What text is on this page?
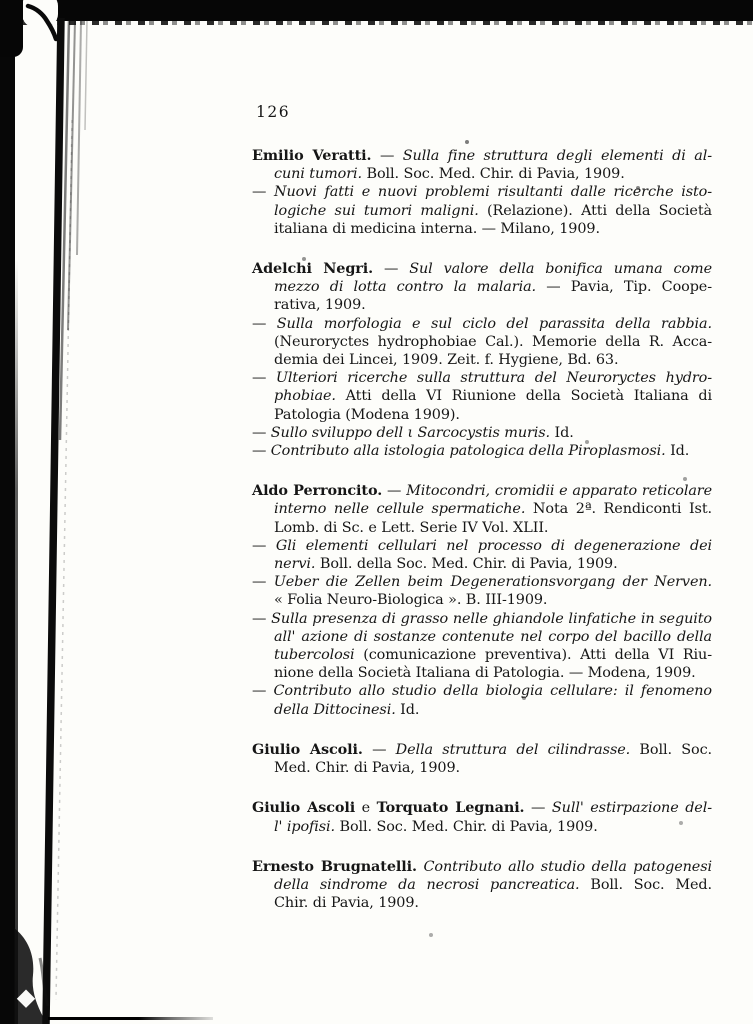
126
Emilio Veratti. — Sulla fine struttura degli elementi di al-
cuni tumori. Boll. Soc. Med. Chir. di Pavia, 1909.
— Nuovi fatti e nuovi problemi risultanti dalle ricerche isto-
logiche sui tumori maligni. (Relazione). Atti della Società
italiana di medicina interna. — Milano, 1909.
Adelchi Negri. — Sul valore della bonifica umana come
mezzo di lotta contro la malaria. — Pavia, Tip. Coope-
rativa, 1909.
— Sulla morfologia e sul ciclo del parassita della rabbia.
(Neuroryctes hydrophobiae Cal.). Memorie della R. Acca-
demia dei Lincei, 1909. Zeit. f. Hygiene, Bd. 63.
— Ulteriori ricerche sulla struttura del Neuroryctes hydro-
phobiae. Atti della VI Riunione della Società Italiana di
Patologia (Modena 1909).
— Sullo sviluppo dell ι Sarcocystis muris. Id.
— Contributo alla istologia patologica della Piroplasmosi. Id.
Aldo Perroncito. — Mitocondri, cromidii e apparato reticolare
interno nelle cellule spermatiche. Nota 2ª. Rendiconti Ist.
Lomb. di Sc. e Lett. Serie IV Vol. XLII.
— Gli elementi cellulari nel processo di degenerazione dei
nervi. Boll. della Soc. Med. Chir. di Pavia, 1909.
— Ueber die Zellen beim Degenerationsvorgang der Nerven.
« Folia Neuro-Biologica ». B. III-1909.
— Sulla presenza di grasso nelle ghiandole linfatiche in seguito
all' azione di sostanze contenute nel corpo del bacillo della
tubercolosi (comunicazione preventiva). Atti della VI Riu-
nione della Società Italiana di Patologia. — Modena, 1909.
— Contributo allo studio della biologia cellulare: il fenomeno
della Dittocinesi. Id.
Giulio Ascoli. — Della struttura del cilindrasse. Boll. Soc.
Med. Chir. di Pavia, 1909.
Giulio Ascoli e Torquato Legnani. — Sull' estirpazione del-
l' ipofisi. Boll. Soc. Med. Chir. di Pavia, 1909.
Ernesto Brugnatelli. Contributo allo studio della patogenesi
della sindrome da necrosi pancreatica. Boll. Soc. Med.
Chir. di Pavia, 1909.
